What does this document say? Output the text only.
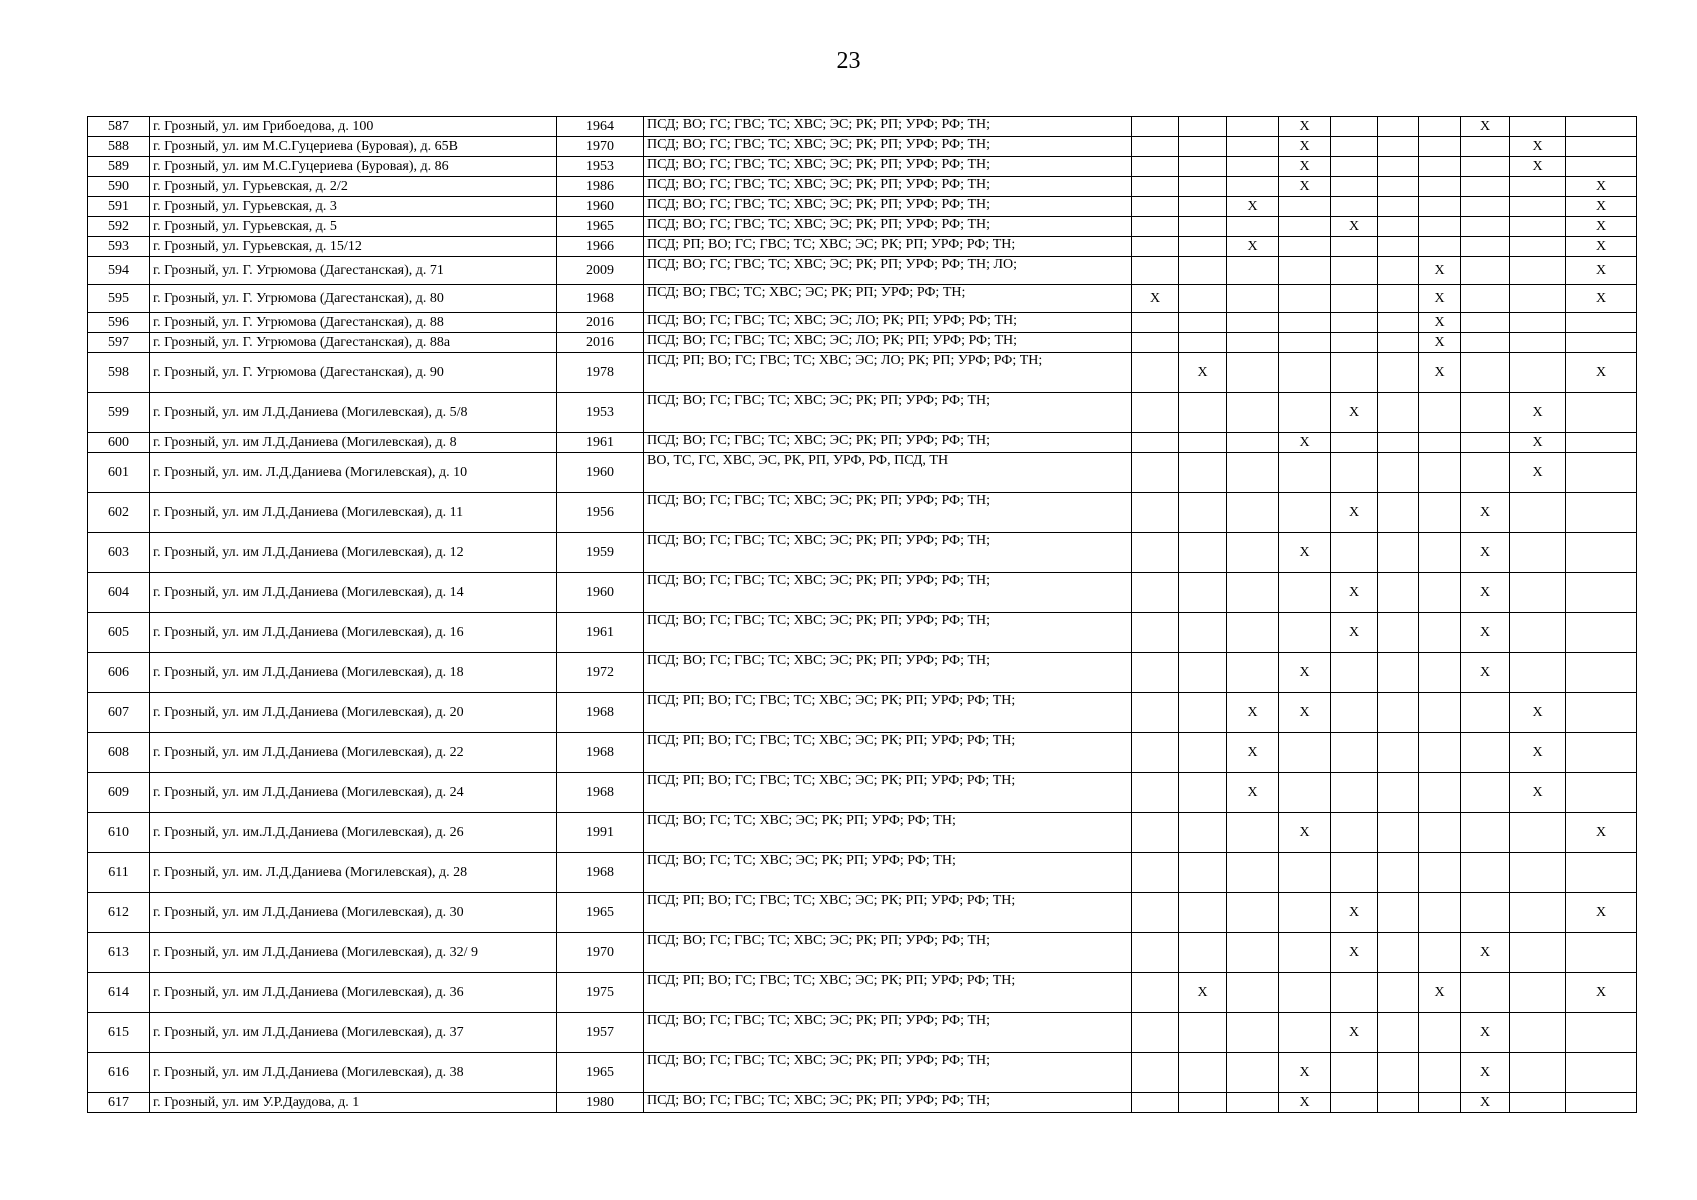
23
587	г. Грозный, ул. им Грибоедова, д. 100	1964	ПСД; ВО; ГС; ГВС; ТС; ХВС; ЭС; РК; РП; УРФ; РФ; ТН;				Х				Х		
588	г. Грозный, ул. им М.С.Гуцериева (Буровая), д. 65В	1970	ПСД; ВО; ГС; ГВС; ТС; ХВС; ЭС; РК; РП; УРФ; РФ; ТН;				Х					Х	
589	г. Грозный, ул. им М.С.Гуцериева (Буровая), д. 86	1953	ПСД; ВО; ГС; ГВС; ТС; ХВС; ЭС; РК; РП; УРФ; РФ; ТН;				Х					Х	
590	г. Грозный, ул. Гурьевская, д. 2/2	1986	ПСД; ВО; ГС; ГВС; ТС; ХВС; ЭС; РК; РП; УРФ; РФ; ТН;				Х						Х
591	г. Грозный, ул. Гурьевская, д. 3	1960	ПСД; ВО; ГС; ГВС; ТС; ХВС; ЭС; РК; РП; УРФ; РФ; ТН;			Х							Х
592	г. Грозный, ул. Гурьевская, д. 5	1965	ПСД; ВО; ГС; ГВС; ТС; ХВС; ЭС; РК; РП; УРФ; РФ; ТН;					Х					Х
593	г. Грозный, ул. Гурьевская, д. 15/12	1966	ПСД; РП; ВО; ГС; ГВС; ТС; ХВС; ЭС; РК; РП; УРФ; РФ; ТН;			Х							Х
594	г. Грозный, ул. Г. Угрюмова (Дагестанская), д. 71	2009	ПСД; ВО; ГС; ГВС; ТС; ХВС; ЭС; РК; РП; УРФ; РФ; ТН; ЛО;							Х			Х
595	г. Грозный, ул. Г. Угрюмова (Дагестанская), д. 80	1968	ПСД; ВО; ГВС; ТС; ХВС; ЭС; РК; РП; УРФ; РФ; ТН;	Х						Х			Х
596	г. Грозный, ул. Г. Угрюмова (Дагестанская), д. 88	2016	ПСД; ВО; ГС; ГВС; ТС; ХВС; ЭС; ЛО; РК; РП; УРФ; РФ; ТН;							Х			
597	г. Грозный, ул. Г. Угрюмова (Дагестанская), д. 88а	2016	ПСД; ВО; ГС; ГВС; ТС; ХВС; ЭС; ЛО; РК; РП; УРФ; РФ; ТН;							Х			
598	г. Грозный, ул. Г. Угрюмова (Дагестанская), д. 90	1978	ПСД; РП; ВО; ГС; ГВС; ТС; ХВС; ЭС; ЛО; РК; РП; УРФ; РФ; ТН;		Х					Х			Х
599	г. Грозный, ул. им Л.Д.Даниева (Могилевская), д. 5/8	1953	ПСД; ВО; ГС; ГВС; ТС; ХВС; ЭС; РК; РП; УРФ; РФ; ТН;					Х				Х	
600	г. Грозный, ул. им Л.Д.Даниева (Могилевская), д. 8	1961	ПСД; ВО; ГС; ГВС; ТС; ХВС; ЭС; РК; РП; УРФ; РФ; ТН;				Х					Х	
601	г. Грозный, ул. им. Л.Д.Даниева (Могилевская), д. 10	1960	ВО, ТС, ГС, ХВС, ЭС, РК, РП, УРФ, РФ, ПСД, ТН									Х	
602	г. Грозный, ул. им Л.Д.Даниева (Могилевская), д. 11	1956	ПСД; ВО; ГС; ГВС; ТС; ХВС; ЭС; РК; РП; УРФ; РФ; ТН;					Х			Х		
603	г. Грозный, ул. им Л.Д.Даниева (Могилевская), д. 12	1959	ПСД; ВО; ГС; ГВС; ТС; ХВС; ЭС; РК; РП; УРФ; РФ; ТН;				Х				Х		
604	г. Грозный, ул. им Л.Д.Даниева (Могилевская), д. 14	1960	ПСД; ВО; ГС; ГВС; ТС; ХВС; ЭС; РК; РП; УРФ; РФ; ТН;					Х			Х		
605	г. Грозный, ул. им Л.Д.Даниева (Могилевская), д. 16	1961	ПСД; ВО; ГС; ГВС; ТС; ХВС; ЭС; РК; РП; УРФ; РФ; ТН;					Х			Х		
606	г. Грозный, ул. им Л.Д.Даниева (Могилевская), д. 18	1972	ПСД; ВО; ГС; ГВС; ТС; ХВС; ЭС; РК; РП; УРФ; РФ; ТН;				Х				Х		
607	г. Грозный, ул. им Л.Д.Даниева (Могилевская), д. 20	1968	ПСД; РП; ВО; ГС; ГВС; ТС; ХВС; ЭС; РК; РП; УРФ; РФ; ТН;			Х	Х					Х	
608	г. Грозный, ул. им Л.Д.Даниева (Могилевская), д. 22	1968	ПСД; РП; ВО; ГС; ГВС; ТС; ХВС; ЭС; РК; РП; УРФ; РФ; ТН;			Х						Х	
609	г. Грозный, ул. им Л.Д.Даниева (Могилевская), д. 24	1968	ПСД; РП; ВО; ГС; ГВС; ТС; ХВС; ЭС; РК; РП; УРФ; РФ; ТН;			Х						Х	
610	г. Грозный, ул. им.Л.Д.Даниева (Могилевская), д. 26	1991	ПСД; ВО; ГС; ТС; ХВС; ЭС; РК; РП; УРФ; РФ; ТН;				Х						Х
611	г. Грозный, ул. им. Л.Д.Даниева (Могилевская), д. 28	1968	ПСД; ВО; ГС; ТС; ХВС; ЭС; РК; РП; УРФ; РФ; ТН;										
612	г. Грозный, ул. им Л.Д.Даниева (Могилевская), д. 30	1965	ПСД; РП; ВО; ГС; ГВС; ТС; ХВС; ЭС; РК; РП; УРФ; РФ; ТН;					Х					Х
613	г. Грозный, ул. им Л.Д.Даниева (Могилевская), д. 32/ 9	1970	ПСД; ВО; ГС; ГВС; ТС; ХВС; ЭС; РК; РП; УРФ; РФ; ТН;					Х			Х		
614	г. Грозный, ул. им Л.Д.Даниева (Могилевская), д. 36	1975	ПСД; РП; ВО; ГС; ГВС; ТС; ХВС; ЭС; РК; РП; УРФ; РФ; ТН;		Х					Х			Х
615	г. Грозный, ул. им Л.Д.Даниева (Могилевская), д. 37	1957	ПСД; ВО; ГС; ГВС; ТС; ХВС; ЭС; РК; РП; УРФ; РФ; ТН;					Х			Х		
616	г. Грозный, ул. им Л.Д.Даниева (Могилевская), д. 38	1965	ПСД; ВО; ГС; ГВС; ТС; ХВС; ЭС; РК; РП; УРФ; РФ; ТН;				Х				Х		
617	г. Грозный, ул. им У.Р.Даудова, д. 1	1980	ПСД; ВО; ГС; ГВС; ТС; ХВС; ЭС; РК; РП; УРФ; РФ; ТН;				Х				Х		
